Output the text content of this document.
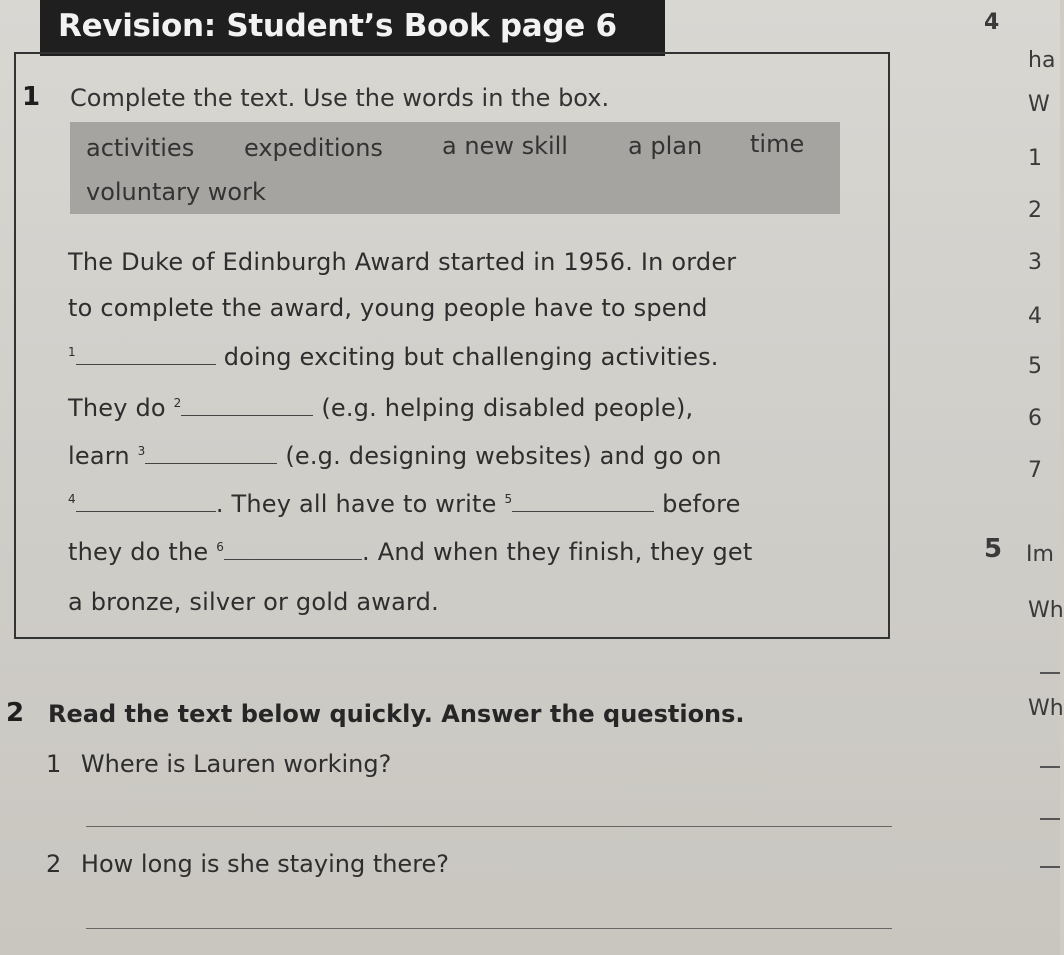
Revision: Student’s Book page 6
1 Complete the text. Use the words in the box.
activities expeditions a new skill	a plan time
voluntary work
The Duke of Edinburgh Award started in 1956. In order
to complete the award, young people have to spend
$^1$	doing exciting but challenging activities.
They do $^2$	(e.g. helping disabled people),
learn $^3$	(e.g. designing websites) and go on
$^4$	. They all have to write $^5$	before
they do the $^6$	. And when they finish, they get
a bronze, silver or gold award.
2 Read the text below quickly. Answer the questions.
1 Where is Lauren working?
2 How long is she staying there?
4
ha
W
1
2
3
4
5
6
7
5 Im
Wh
Wh
